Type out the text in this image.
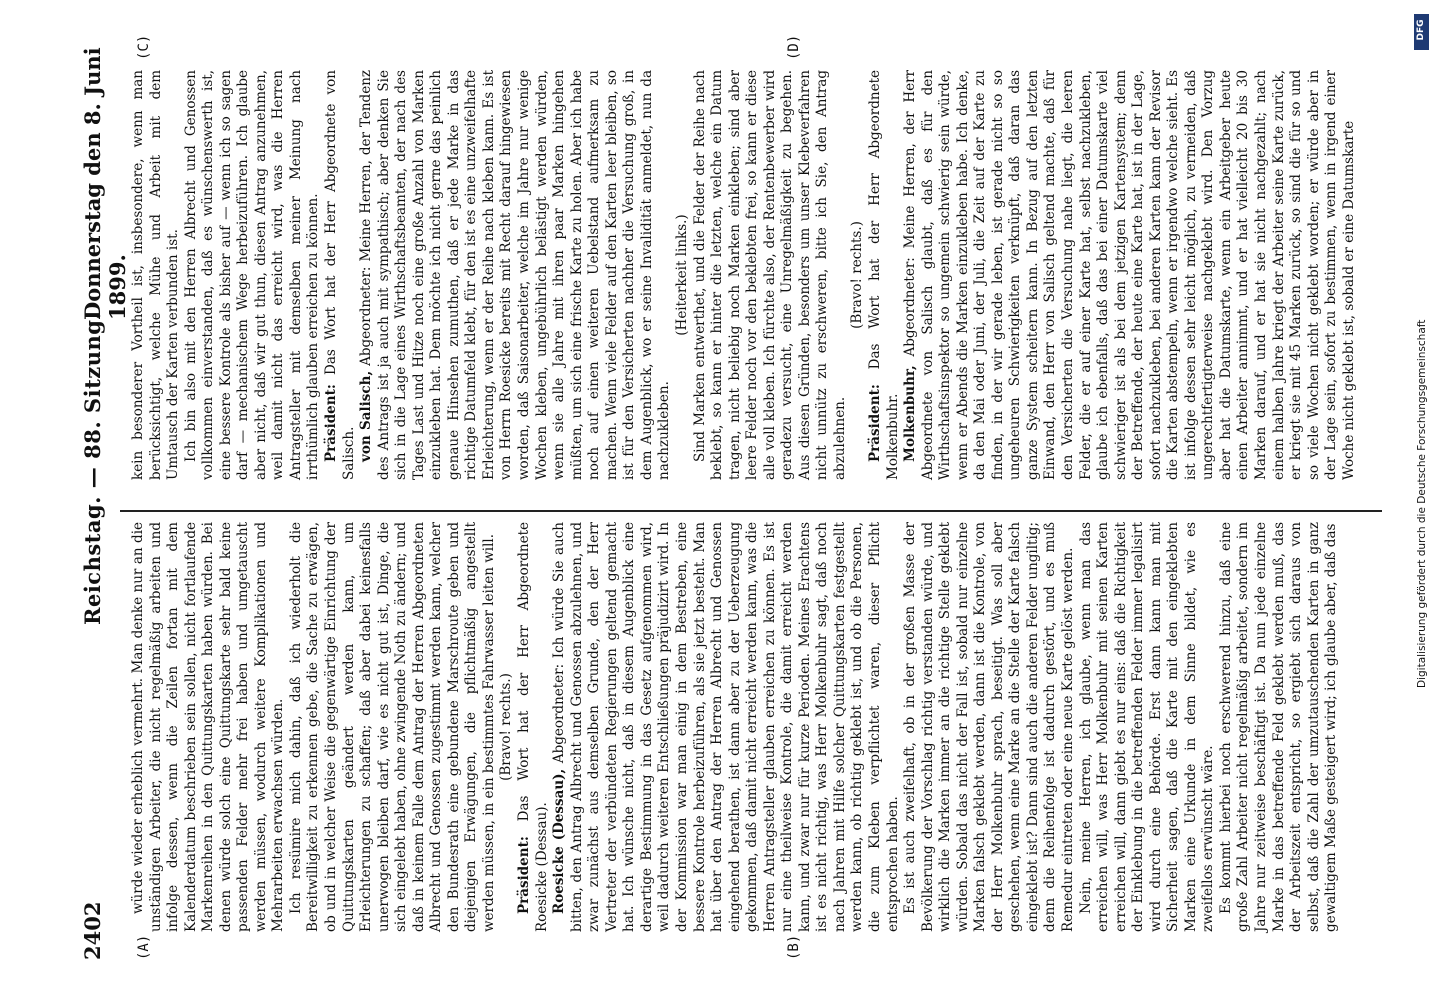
2402
Reichstag. — 88. Sitzung.
Donnerstag den 8. Juni 1899.
(A)	(B)
(C)	(D)

würde wieder erheblich vermehrt. Man denke nur an die unständigen Arbeiter, die nicht regelmäßig arbeiten und infolge dessen, wenn die Zeilen fortan mit dem Kalenderdatum beschrieben sein sollen, nicht fortlaufende Markenreihen in den Quittungskarten haben würden. Bei denen würde solch eine Quittungskarte sehr bald keine passenden Felder mehr frei haben und umgetauscht werden müssen, wodurch weitere Komplikationen und Mehrarbeiten erwachsen würden. Ich resümire mich dahin, daß ich wiederholt die Bereitwilligkeit zu erkennen gebe, die Sache zu erwägen, ob und in welcher Weise die gegenwärtige Einrichtung der Quittungskarten geändert werden kann, um Erleichterungen zu schaffen; daß aber dabei keinesfalls unerwogen bleiben darf, wie es nicht gut ist, Dinge, die sich eingelebt haben, ohne zwingende Noth zu ändern; und daß in keinem Falle dem Antrag der Herren Abgeordneten Albrecht und Genossen zugestimmt werden kann, welcher den Bundesrath eine gebundene Marschroute geben und diejenigen Erwägungen, die pflichtmäßig angestellt werden müssen, in ein bestimmtes Fahrwasser leiten will. (Bravo! rechts.)

Präsident: Das Wort hat der Herr Abgeordnete Roesicke (Dessau). Roesicke (Dessau), Abgeordneter: Ich würde Sie auch bitten, den Antrag Albrecht und Genossen abzulehnen, und zwar zunächst aus demselben Grunde, den der Herr Vertreter der verbündeten Regierungen geltend gemacht hat. Ich wünsche nicht, daß in diesem Augenblick eine derartige Bestimmung in das Gesetz aufgenommen wird, weil dadurch weiteren Entschließungen präjudizirt wird. In der Kommission war man einig in dem Bestreben, eine bessere Kontrole herbeizuführen, als sie jetzt besteht. Man hat über den Antrag der Herren Albrecht und Genossen eingehend berathen, ist dann aber zu der Ueberzeugung gekommen, daß damit nicht erreicht werden kann, was die Herren Antragsteller glauben erreichen zu können. Es ist nur eine theilweise Kontrole, die damit erreicht werden kann, und zwar nur für kurze Perioden. Meines Erachtens ist es nicht richtig, was Herr Molkenbuhr sagt, daß noch nach Jahren mit Hilfe solcher Quittungskarten festgestellt werden kann, ob richtig geklebt ist, und ob die Personen, die zum Kleben verpflichtet waren, dieser Pflicht entsprochen haben. Es ist auch zweifelhaft, ob in der großen Masse der Bevölkerung der Vorschlag richtig verstanden würde, und wirklich die Marken immer an die richtige Stelle geklebt würden. Sobald das nicht der Fall ist, sobald nur einzelne Marken falsch geklebt werden, dann ist die Kontrole, von der Herr Molkenbuhr sprach, beseitigt. Was soll aber geschehen, wenn eine Marke an die Stelle der Karte falsch eingeklebt ist? Dann sind auch die anderen Felder ungiltig; denn die Reihenfolge ist dadurch gestört, und es muß Remedur eintreten oder eine neue Karte gelöst werden. Nein, meine Herren, ich glaube, wenn man das erreichen will, was Herr Molkenbuhr mit seinen Karten erreichen will, dann giebt es nur eins: daß die Richtigkeit der Einklebung in die betreffenden Felder immer legalisirt wird durch eine Behörde. Erst dann kann man mit Sicherheit sagen, daß die Karte mit den eingeklebten Marken eine Urkunde in dem Sinne bildet, wie es zweifellos erwünscht wäre. Es kommt hierbei noch erschwerend hinzu, daß eine große Zahl Arbeiter nicht regelmäßig arbeitet, sondern im Jahre nur zeitweise beschäftigt ist. Da nun jede einzelne Marke in das betreffende Feld geklebt werden muß, das der Arbeitszeit entspricht, so ergiebt sich daraus von selbst, daß die Zahl der umzutauschenden Karten in ganz gewaltigem Maße gesteigert wird; ich glaube aber, daß das

kein besonderer Vortheil ist, insbesondere, wenn man berücksichtigt, welche Mühe und Arbeit mit dem Umtausch der Karten verbunden ist. Ich bin also mit den Herren Albrecht und Genossen vollkommen einverstanden, daß es wünschenswerth ist, eine bessere Kontrole als bisher auf — wenn ich so sagen darf — mechanischem Wege herbeizuführen. Ich glaube aber nicht, daß wir gut thun, diesen Antrag anzunehmen, weil damit nicht das erreicht wird, was die Herren Antragsteller mit demselben meiner Meinung nach irrthümlich glauben erreichen zu können. Präsident: Das Wort hat der Herr Abgeordnete von Salisch. von Salisch, Abgeordneter: Meine Herren, der Tendenz des Antrags ist ja auch mit sympathisch; aber denken Sie sich in die Lage eines Wirthschaftsbeamten, der nach des Tages Last und Hitze noch eine große Anzahl von Marken einzukleben hat. Dem möchte ich nicht gerne das peinlich genaue Hinsehen zumuthen, daß er jede Marke in das richtige Datumfeld klebt, für den ist es eine unzweifelhafte Erleichterung, wenn er der Reihe nach kleben kann. Es ist von Herrn Roesicke bereits mit Recht darauf hingewiesen worden, daß Saisonarbeiter, welche im Jahre nur wenige Wochen kleben, ungebührlich belästigt werden würden, wenn sie alle Jahre mit ihren paar Marken hingehen müßten, um sich eine frische Karte zu holen. Aber ich habe noch auf einen weiteren Uebelstand aufmerksam zu machen. Wenn viele Felder auf den Karten leer bleiben, so ist für den Versicherten nachher die Versuchung groß, in dem Augenblick, wo er seine Invalidität anmeldet, nun da nachzukleben.

(Heiterkeit links.) Sind Marken entwerthet, und die Felder der Reihe nach beklebt, so kann er hinter die letzten, welche ein Datum tragen, nicht beliebig noch Marken einkleben; sind aber leere Felder noch vor den beklebten frei, so kann er diese alle voll kleben. Ich fürchte also, der Rentenbewerber wird geradezu versucht, eine Unregelmäßigkeit zu begehen. Aus diesen Gründen, besonders um unser Klebeverfahren nicht unnütz zu erschweren, bitte ich Sie, den Antrag abzulehnen.

(Bravo! rechts.)

Präsident: Das Wort hat der Herr Abgeordnete Molkenbuhr. Molkenbuhr, Abgeordneter: Meine Herren, der Herr Abgeordnete von Salisch glaubt, daß es für den Wirthschaftsinspektor so ungemein schwierig sein würde, wenn er Abends die Marken einzukleben habe. Ich denke, da den Mai oder Juni, der Juli, die Zeit auf der Karte zu finden, in der wir gerade leben, ist gerade nicht so so ungeheuren Schwierigkeiten verknüpft, daß daran das ganze System scheitern kann. In Bezug auf den letzten Einwand, den Herr von Salisch geltend machte, daß für den Versicherten die Versuchung nahe liegt, die leeren Felder, die er auf einer Karte hat, selbst nachzukleben, glaube ich ebenfalls, daß das bei einer Datumskarte viel schwieriger ist als bei dem jetzigen Kartensystem; denn der Betreffende, der heute eine Karte hat, ist in der Lage, sofort nachzukleben, bei anderen Karten kann der Revisor die Karten abstempeln, wenn er irgendwo welche sieht. Es ist infolge dessen sehr leicht möglich, zu vermeiden, daß ungerechtfertigterweise nachgeklebt wird. Den Vorzug aber hat die Datumskarte, wenn ein Arbeitgeber heute einen Arbeiter annimmt, und er hat vielleicht 20 bis 30 Marken darauf, und er hat sie nicht nachgezahlt; nach einem halben Jahre kriegt der Arbeiter seine Karte zurück, er kriegt sie mit 45 Marken zurück, so sind die für so und so viele Wochen nicht geklebt worden; er würde aber in der Lage sein, sofort zu bestimmen, wenn in irgend einer Woche nicht geklebt ist, sobald er eine Datumskarte

DFG
Digitalisierung gefördert durch die Deutsche Forschungsgemeinschaft
